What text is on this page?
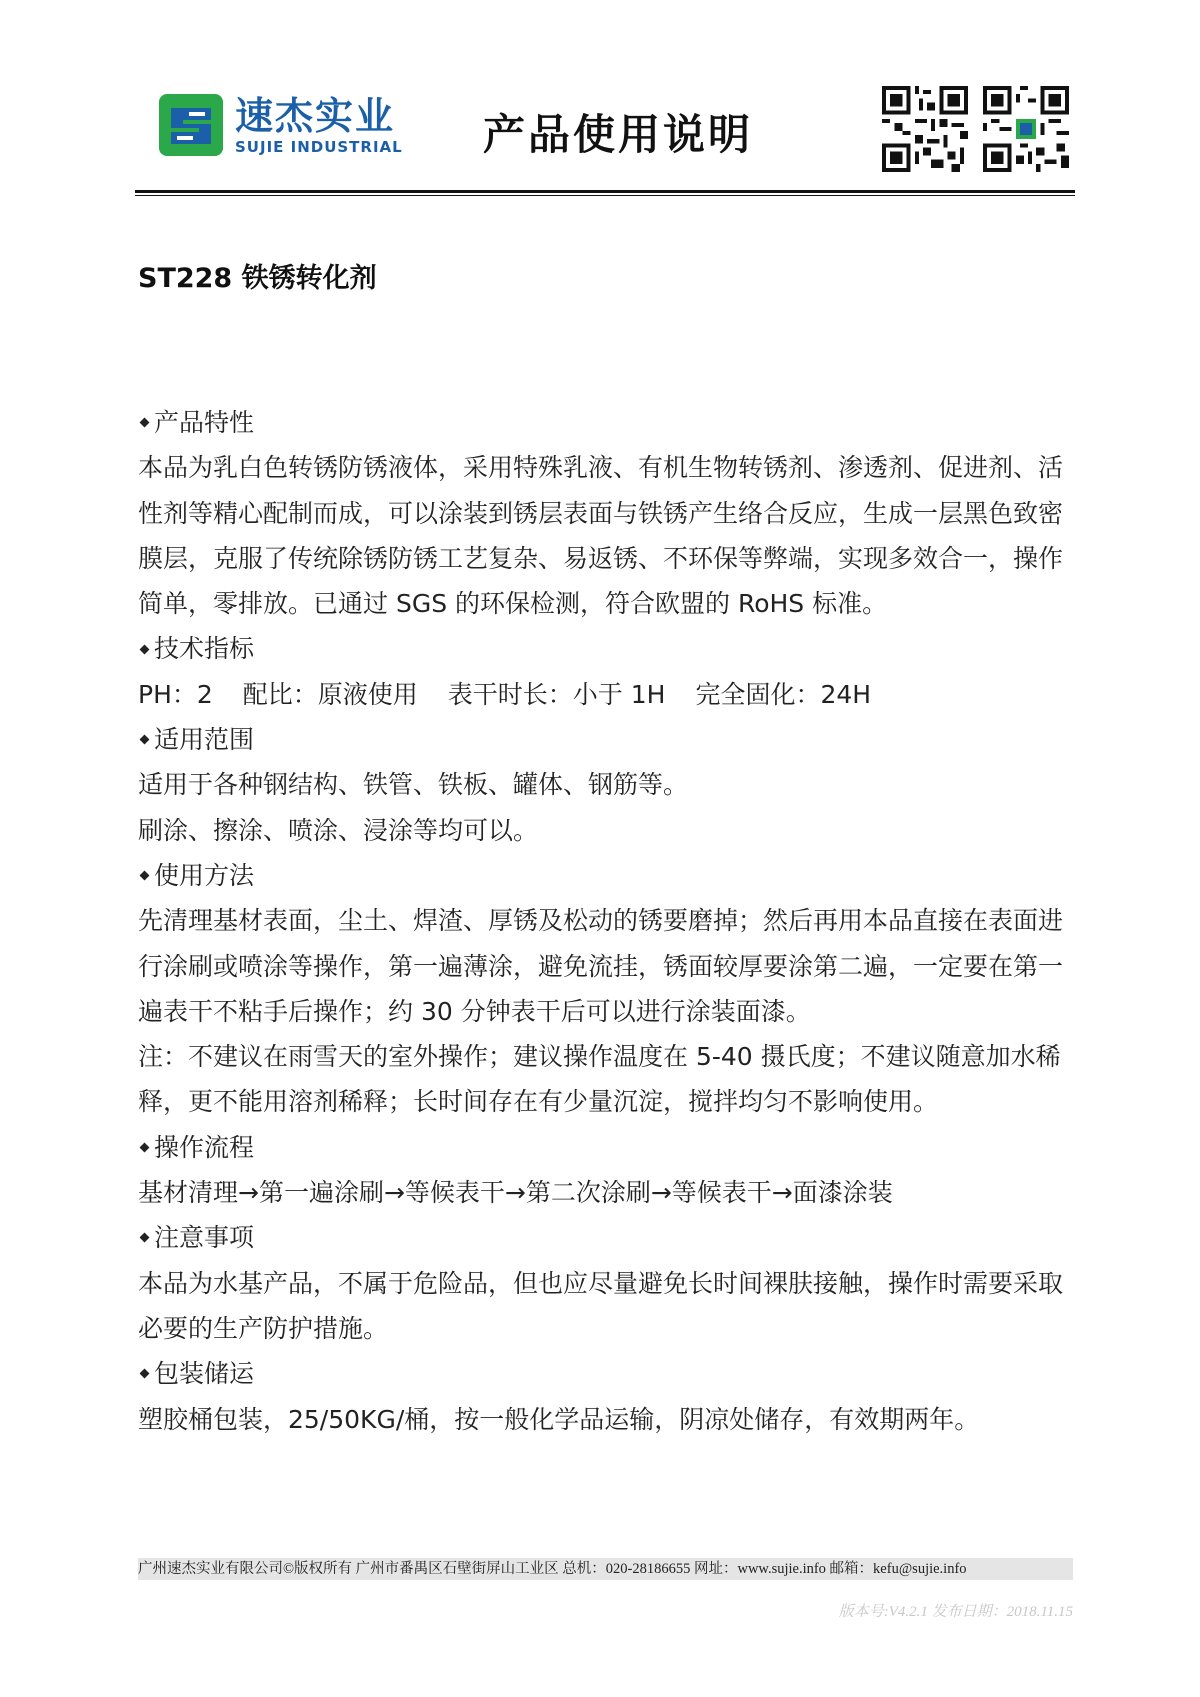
速杰实业
SUJIE INDUSTRIAL 产品使用说明
ST228 铁锈转化剂
产品特性

本品为乳白色转锈防锈液体，采用特殊乳液、有机生物转锈剂、渗透剂、促进剂、活性剂等精心配制而成，可以涂装到锈层表面与铁锈产生络合反应，生成一层黑色致密膜层，克服了传统除锈防锈工艺复杂、易返锈、不环保等弊端，实现多效合一，操作简单，零排放。已通过 SGS 的环保检测，符合欧盟的 RoHS 标准。

技术指标
PH：2 配比：原液使用 表干时长：小于 1H 完全固化：24H
适用范围

适用于各种钢结构、铁管、铁板、罐体、钢筋等。

刷涂、擦涂、喷涂、浸涂等均可以。

使用方法

先清理基材表面，尘土、焊渣、厚锈及松动的锈要磨掉；然后再用本品直接在表面进行涂刷或喷涂等操作，第一遍薄涂，避免流挂，锈面较厚要涂第二遍，一定要在第一遍表干不粘手后操作；约 30 分钟表干后可以进行涂装面漆。

注：不建议在雨雪天的室外操作；建议操作温度在 5-40 摄氏度；不建议随意加水稀释，更不能用溶剂稀释；长时间存在有少量沉淀，搅拌均匀不影响使用。

操作流程

基材清理→第一遍涂刷→等候表干→第二次涂刷→等候表干→面漆涂装

注意事项

本品为水基产品，不属于危险品，但也应尽量避免长时间裸肤接触，操作时需要采取必要的生产防护措施。

包装储运

塑胶桶包装，25/50KG/桶，按一般化学品运输，阴凉处储存，有效期两年。

广州速杰实业有限公司©版权所有 广州市番禺区石壁街屏山工业区 总机：020-28186655 网址：www.sujie.info 邮箱：kefu@sujie.info
版本号:V4.2.1 发布日期：2018.11.15
